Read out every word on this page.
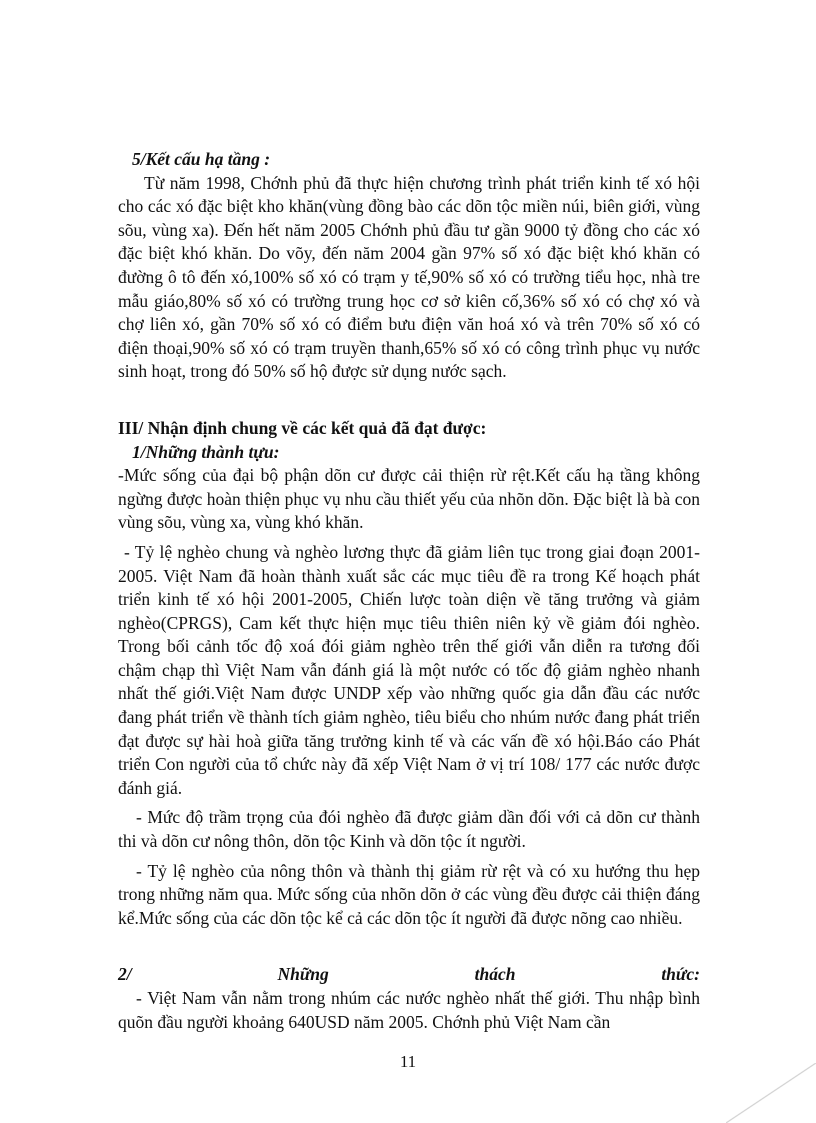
5/Kết cấu hạ tầng :

Từ năm 1998, Chớnh phủ đã thực hiện chương trình phát triển kinh tế xó hội cho các xó đặc biệt kho khăn(vùng đồng bào các dõn tộc miền núi, biên giới, vùng sõu, vùng xa). Đến hết năm 2005 Chớnh phủ đầu tư gần 9000 tỷ đồng cho các xó đặc biệt khó khăn. Do võy, đến năm 2004 gần 97% số xó đặc biệt khó khăn có đường ô tô đến xó,100% số xó có trạm y tế,90% số xó có trường tiểu học, nhà tre mẫu giáo,80% số xó có trường trung học cơ sở kiên cố,36% số xó có chợ xó và chợ liên xó, gần 70% số xó có điểm bưu điện văn hoá xó và trên 70% số xó có điện thoại,90% số xó có trạm truyền thanh,65% số xó có công trình phục vụ nước sinh hoạt, trong đó 50% số hộ được sử dụng nước sạch.

III/ Nhận định chung về các kết quả đã đạt được:

1/Những thành tựu:

-Mức sống của đại bộ phận dõn cư được cải thiện rừ rệt.Kết cấu hạ tầng không ngừng được hoàn thiện phục vụ nhu cầu thiết yếu của nhõn dõn. Đặc biệt là bà con vùng sõu, vùng xa, vùng khó khăn.

- Tỷ lệ nghèo chung và nghèo lương thực đã giảm liên tục trong giai đoạn 2001-2005. Việt Nam đã hoàn thành xuất sắc các mục tiêu đề ra trong Kế hoạch phát triển kinh tế xó hội 2001-2005, Chiến lược toàn diện về tăng trưởng và giảm nghèo(CPRGS), Cam kết thực hiện mục tiêu thiên niên kỷ về giảm đói nghèo. Trong bối cảnh tốc độ xoá đói giảm nghèo trên thế giới vẫn diễn ra tương đối chậm chạp thì Việt Nam vẫn đánh giá là một nước có tốc độ giảm nghèo nhanh nhất thế giới.Việt Nam được UNDP xếp vào những quốc gia dẫn đầu các nước đang phát triển về thành tích giảm nghèo, tiêu biểu cho nhúm nước đang phát triển đạt được sự hài hoà giữa tăng trưởng kinh tế và các vấn đề xó hội.Báo cáo Phát triển Con người của tổ chức này đã xếp Việt Nam ở vị trí 108/ 177 các nước được đánh giá.

- Mức độ trầm trọng của đói nghèo đã được giảm dần đối với cả dõn cư thành thi và dõn cư nông thôn, dõn tộc Kinh và dõn tộc ít người.

- Tỷ lệ nghèo của nông thôn và thành thị giảm rừ rệt và có xu hướng thu hẹp trong những năm qua. Mức sống của nhõn dõn ở các vùng đều được cải thiện đáng kể.Mức sống của các dõn tộc kể cả các dõn tộc ít người đã được nõng cao nhiều.

2/	Những	thách	thức:

- Việt Nam vẫn nằm trong nhúm các nước nghèo nhất thế giới. Thu nhập bình quõn đầu người khoảng 640USD năm 2005. Chớnh phủ Việt Nam cần

11
